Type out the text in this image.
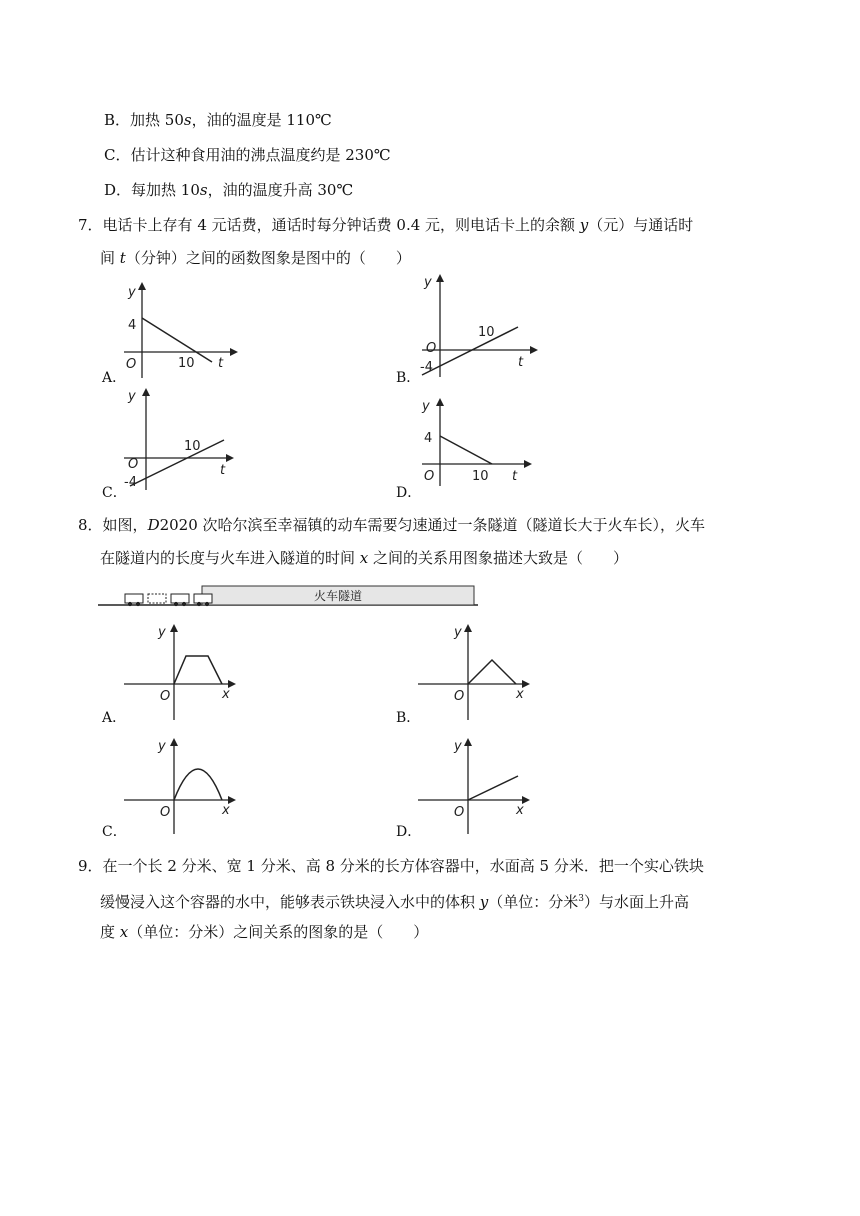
B．加热 50s，油的温度是 110℃
C．估计这种食用油的沸点温度约是 230℃
D．每加热 10s，油的温度升高 30℃
7．电话卡上存有 4 元话费，通话时每分钟话费 0.4 元，则电话卡上的余额 y（元）与通话时
间 t（分钟）之间的函数图象是图中的（　　）
y
4
O	10 t
A．
y
10
O
-4	t
B．
y
10
O
-4
t
C．
y
4
O	10 t
D．
8．如图，D2020 次哈尔滨至幸福镇的动车需要匀速通过一条隧道（隧道长大于火车长），火车
在隧道内的长度与火车进入隧道的时间 x 之间的关系用图象描述大致是（　　）
火车隧道
y
O	x
A．
y
O	x
B．
y
O	x
C．
y
O	x
D．
9．在一个长 2 分米、宽 1 分米、高 8 分米的长方体容器中，水面高 5 分米．把一个实心铁块
缓慢浸入这个容器的水中，能够表示铁块浸入水中的体积 y（单位：分米$^3$）与水面上升高
度 x（单位：分米）之间关系的图象的是（　　）
